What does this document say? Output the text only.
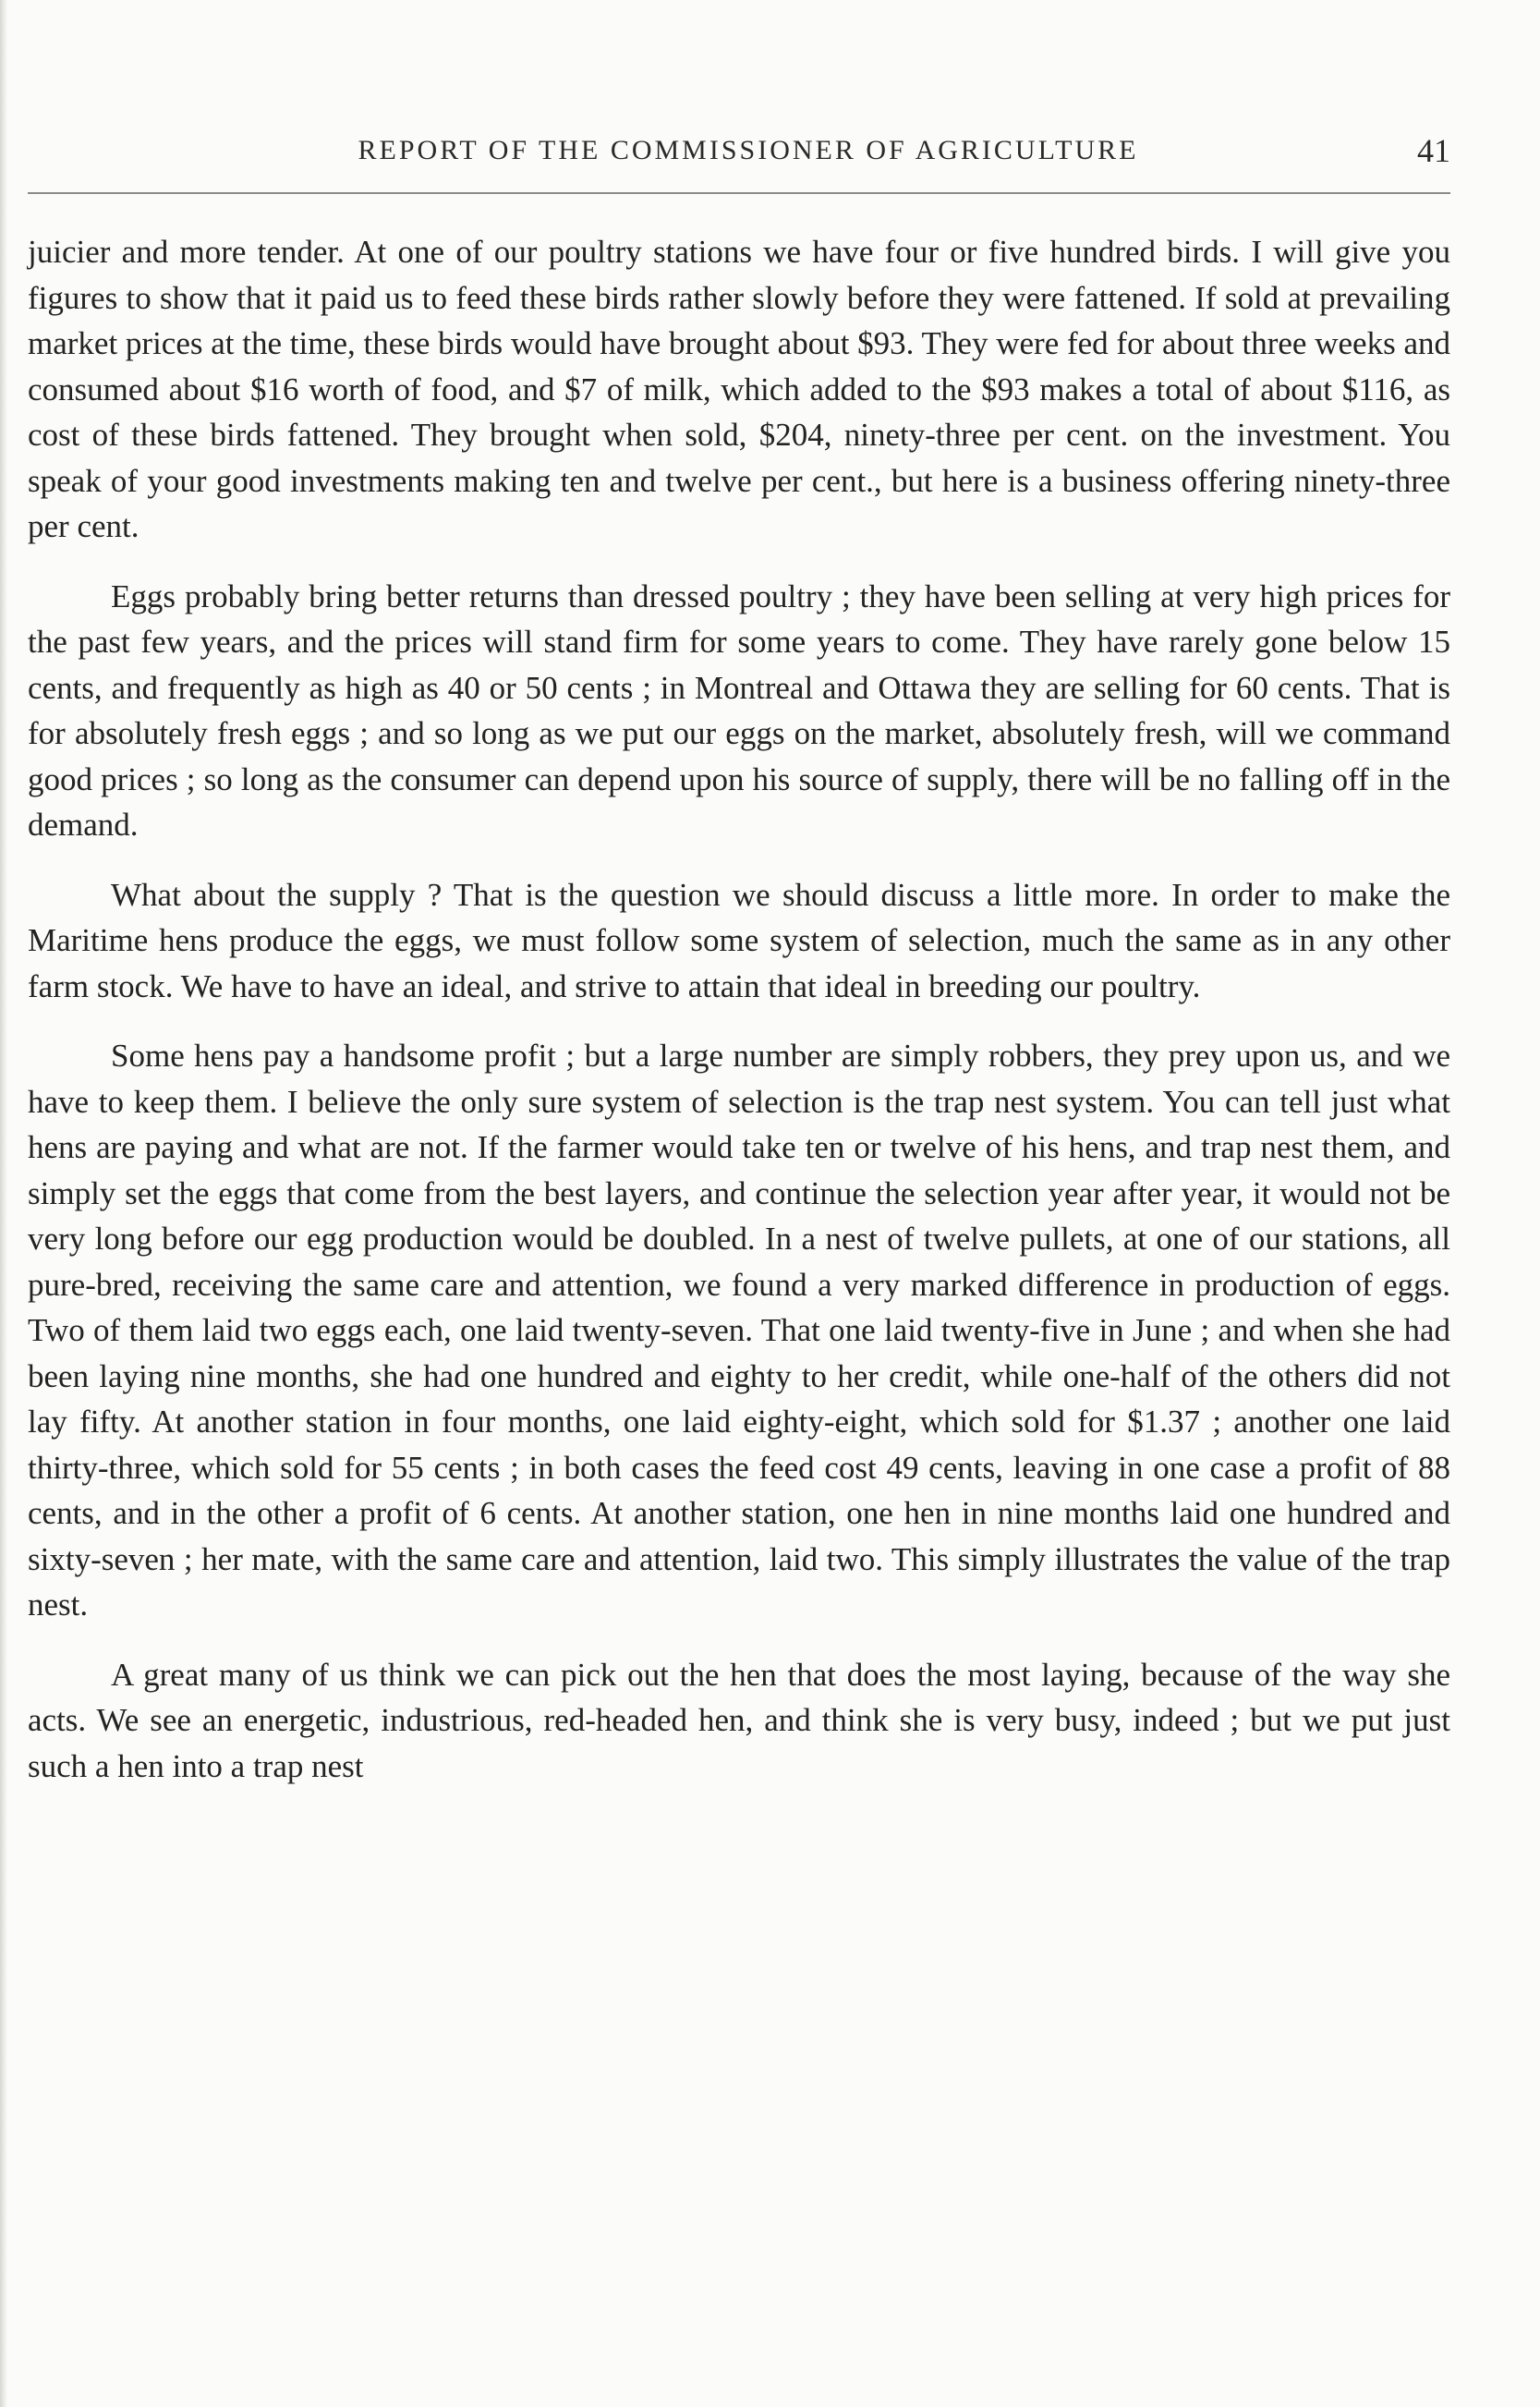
REPORT OF THE COMMISSIONER OF AGRICULTURE	41

juicier and more tender. At one of our poultry stations we have four or five hundred birds. I will give you figures to show that it paid us to feed these birds rather slowly before they were fattened. If sold at prevailing market prices at the time, these birds would have brought about $93. They were fed for about three weeks and consumed about $16 worth of food, and $7 of milk, which added to the $93 makes a total of about $116, as cost of these birds fattened. They brought when sold, $204, ninety-three per cent. on the investment. You speak of your good investments making ten and twelve per cent., but here is a business offering ninety-three per cent.

Eggs probably bring better returns than dressed poultry ; they have been selling at very high prices for the past few years, and the prices will stand firm for some years to come. They have rarely gone below 15 cents, and frequently as high as 40 or 50 cents ; in Montreal and Ottawa they are selling for 60 cents. That is for absolutely fresh eggs ; and so long as we put our eggs on the market, absolutely fresh, will we command good prices ; so long as the consumer can depend upon his source of supply, there will be no falling off in the demand.

What about the supply ? That is the question we should discuss a little more. In order to make the Maritime hens produce the eggs, we must follow some system of selection, much the same as in any other farm stock. We have to have an ideal, and strive to attain that ideal in breeding our poultry.

Some hens pay a handsome profit ; but a large number are simply robbers, they prey upon us, and we have to keep them. I believe the only sure system of selection is the trap nest system. You can tell just what hens are paying and what are not. If the farmer would take ten or twelve of his hens, and trap nest them, and simply set the eggs that come from the best layers, and continue the selection year after year, it would not be very long before our egg production would be doubled. In a nest of twelve pullets, at one of our stations, all pure-bred, receiving the same care and attention, we found a very marked difference in production of eggs. Two of them laid two eggs each, one laid twenty-seven. That one laid twenty-five in June ; and when she had been laying nine months, she had one hundred and eighty to her credit, while one-half of the others did not lay fifty. At another station in four months, one laid eighty-eight, which sold for $1.37 ; another one laid thirty-three, which sold for 55 cents ; in both cases the feed cost 49 cents, leaving in one case a profit of 88 cents, and in the other a profit of 6 cents. At another station, one hen in nine months laid one hundred and sixty-seven ; her mate, with the same care and attention, laid two. This simply illustrates the value of the trap nest.

A great many of us think we can pick out the hen that does the most laying, because of the way she acts. We see an energetic, industrious, red-headed hen, and think she is very busy, indeed ; but we put just such a hen into a trap nest
